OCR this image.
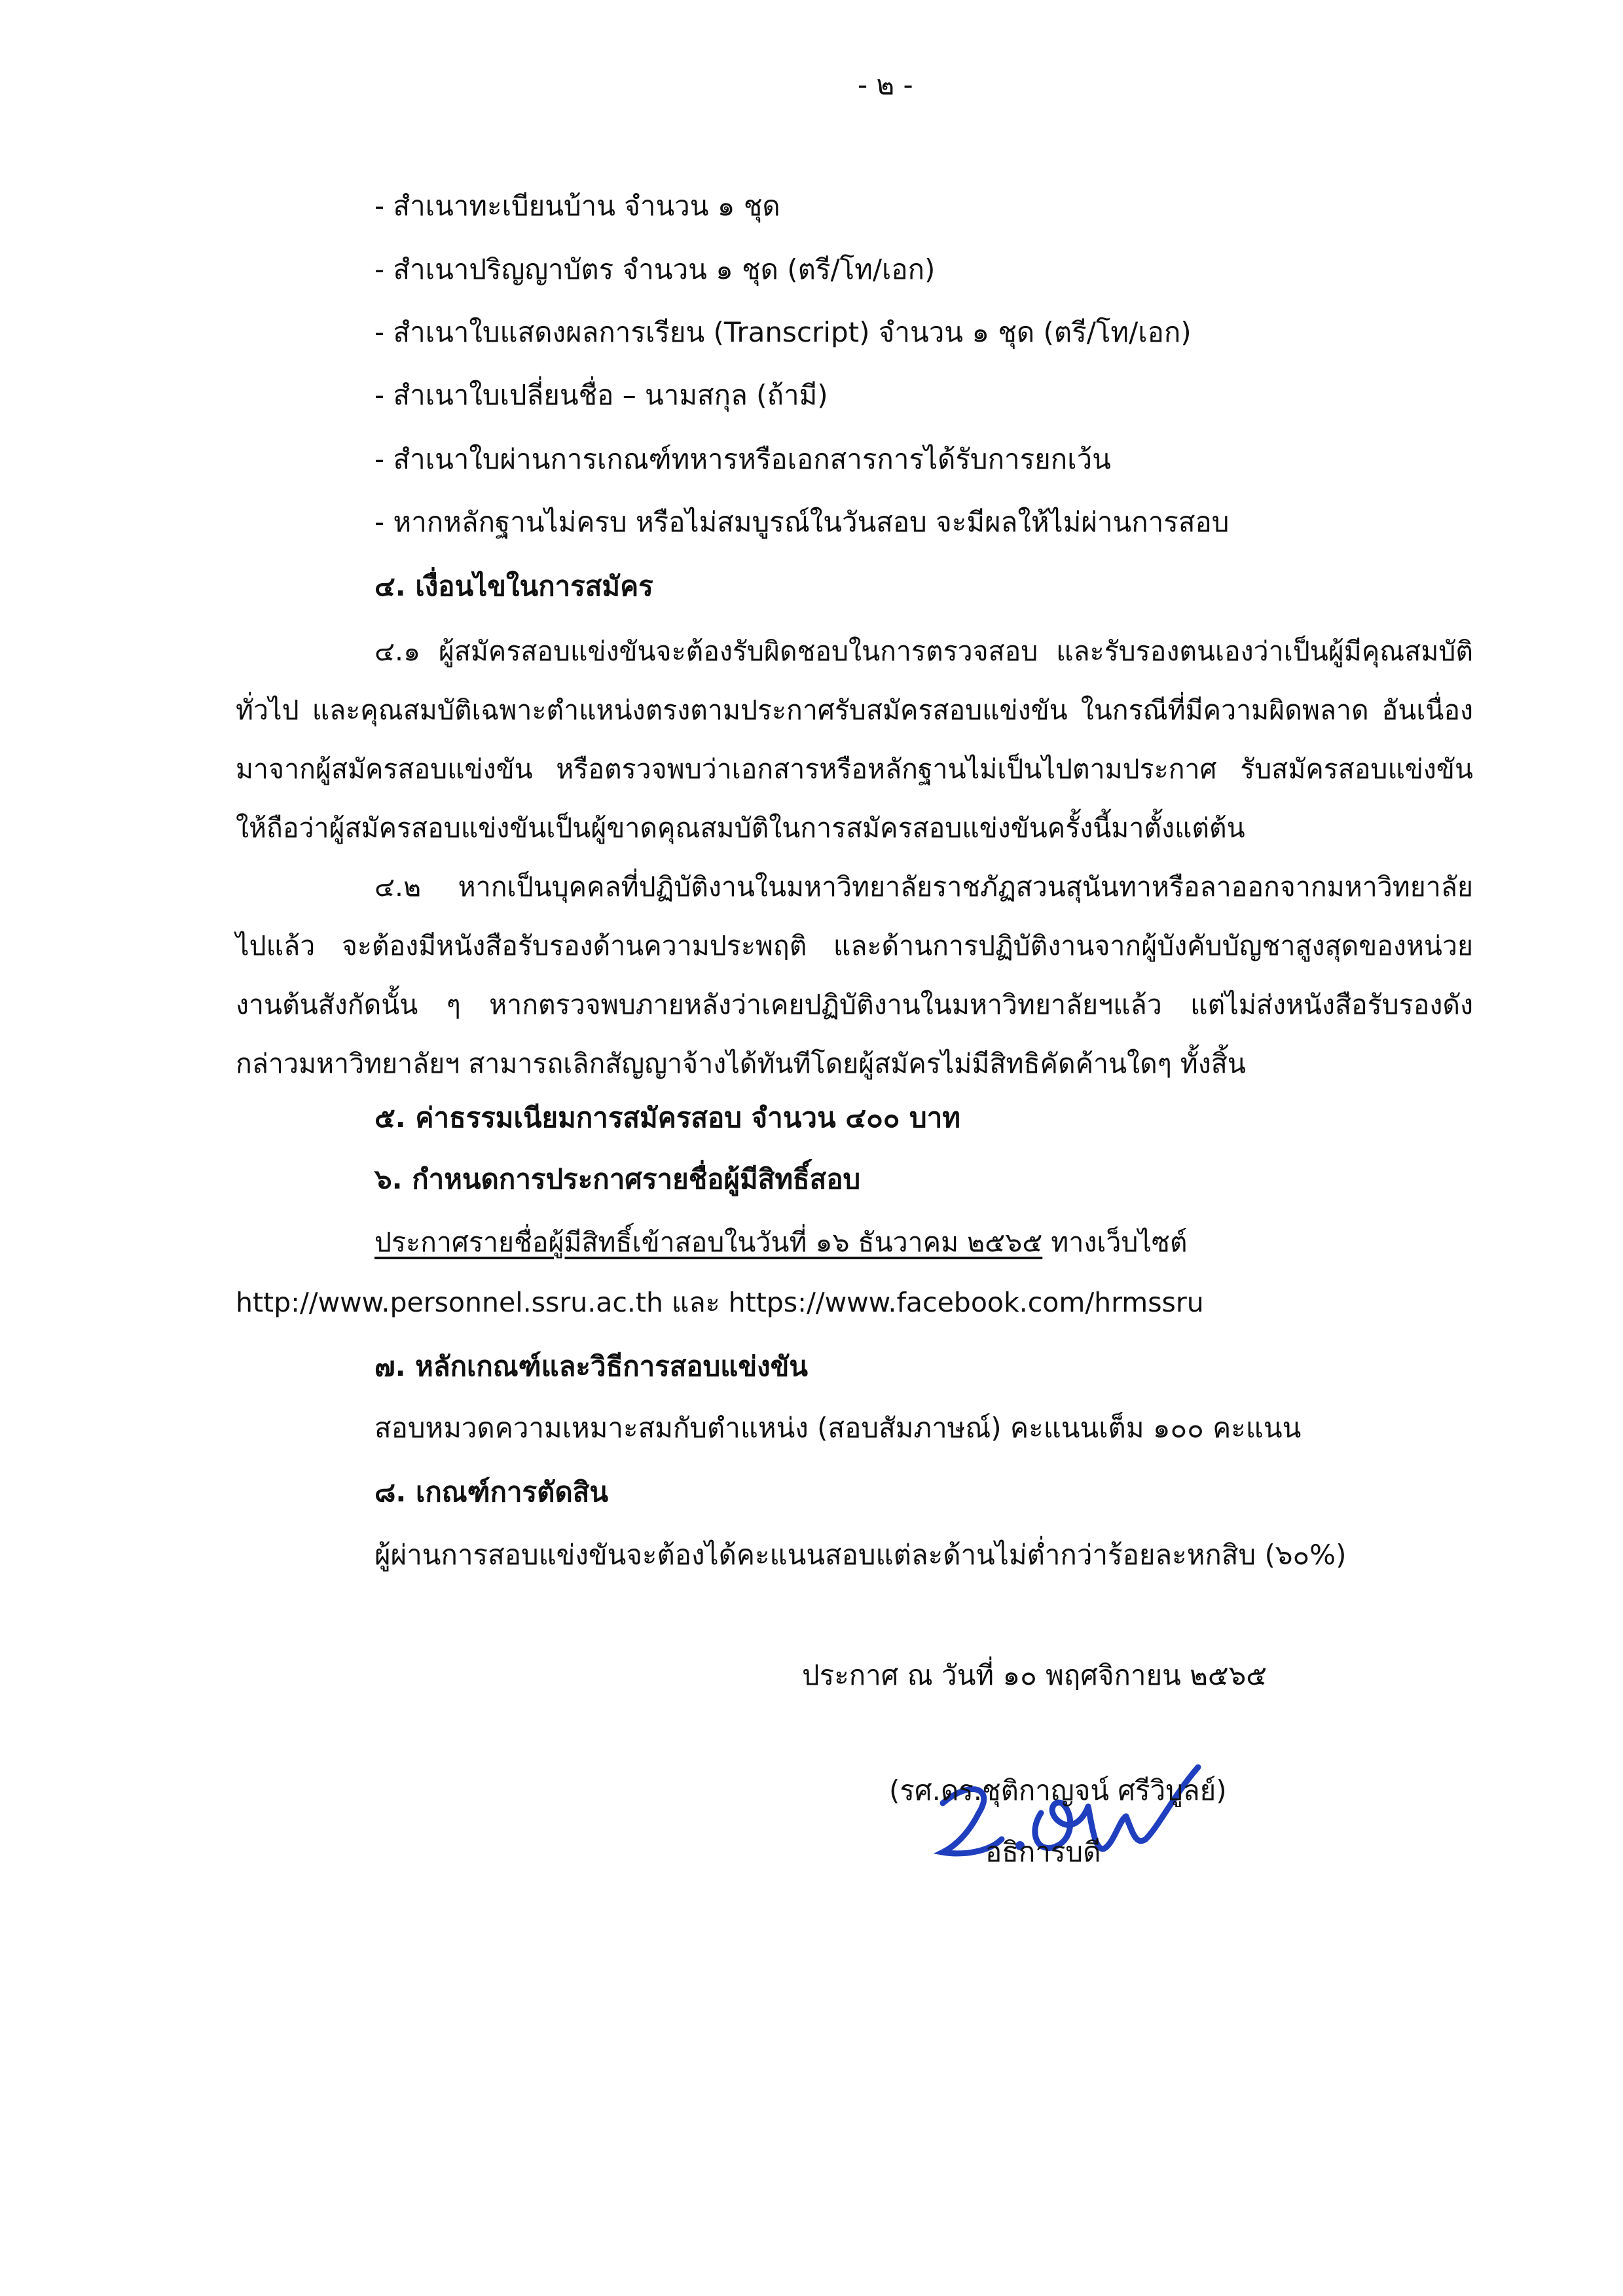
- ๒ -

- สำเนาทะเบียนบ้าน จำนวน ๑ ชุด

- สำเนาปริญญาบัตร จำนวน ๑ ชุด (ตรี/โท/เอก)

- สำเนาใบแสดงผลการเรียน (Transcript) จำนวน ๑ ชุด (ตรี/โท/เอก)

- สำเนาใบเปลี่ยนชื่อ – นามสกุล (ถ้ามี)

- สำเนาใบผ่านการเกณฑ์ทหารหรือเอกสารการได้รับการยกเว้น

- หากหลักฐานไม่ครบ หรือไม่สมบูรณ์ในวันสอบ จะมีผลให้ไม่ผ่านการสอบ

๔. เงื่อนไขในการสมัคร

๔.๑ ผู้สมัครสอบแข่งขันจะต้องรับผิดชอบในการตรวจสอบ และรับรองตนเองว่าเป็นผู้มีคุณสมบัติทั่วไป และคุณสมบัติเฉพาะตำแหน่งตรงตามประกาศรับสมัครสอบแข่งขัน ในกรณีที่มีความผิดพลาด อันเนื่องมาจากผู้สมัครสอบแข่งขัน หรือตรวจพบว่าเอกสารหรือหลักฐานไม่เป็นไปตามประกาศ รับสมัครสอบแข่งขันให้ถือว่าผู้สมัครสอบแข่งขันเป็นผู้ขาดคุณสมบัติในการสมัครสอบแข่งขันครั้งนี้มาตั้งแต่ต้น

๔.๒ หากเป็นบุคคลที่ปฏิบัติงานในมหาวิทยาลัยราชภัฏสวนสุนันทาหรือลาออกจากมหาวิทยาลัยไปแล้ว จะต้องมีหนังสือรับรองด้านความประพฤติ และด้านการปฏิบัติงานจากผู้บังคับบัญชาสูงสุดของหน่วยงานต้นสังกัดนั้น ๆ หากตรวจพบภายหลังว่าเคยปฏิบัติงานในมหาวิทยาลัยฯแล้ว แต่ไม่ส่งหนังสือรับรองดังกล่าวมหาวิทยาลัยฯ สามารถเลิกสัญญาจ้างได้ทันทีโดยผู้สมัครไม่มีสิทธิคัดค้านใดๆ ทั้งสิ้น

๕. ค่าธรรมเนียมการสมัครสอบ จำนวน ๔๐๐ บาท

๖. กำหนดการประกาศรายชื่อผู้มีสิทธิ์สอบ

ประกาศรายชื่อผู้มีสิทธิ์เข้าสอบในวันที่ ๑๖ ธันวาคม ๒๕๖๕ ทางเว็บไซต์ http://www.personnel.ssru.ac.th และ https://www.facebook.com/hrmssru

๗. หลักเกณฑ์และวิธีการสอบแข่งขัน

สอบหมวดความเหมาะสมกับตำแหน่ง (สอบสัมภาษณ์) คะแนนเต็ม ๑๐๐ คะแนน

๘. เกณฑ์การตัดสิน

ผู้ผ่านการสอบแข่งขันจะต้องได้คะแนนสอบแต่ละด้านไม่ต่ำกว่าร้อยละหกสิบ (๖๐%)

ประกาศ ณ วันที่ ๑๐ พฤศจิกายน ๒๕๖๕

(รศ.ดร.ชุติกาญจน์ ศรีวิบูลย์)

อธิการบดี
